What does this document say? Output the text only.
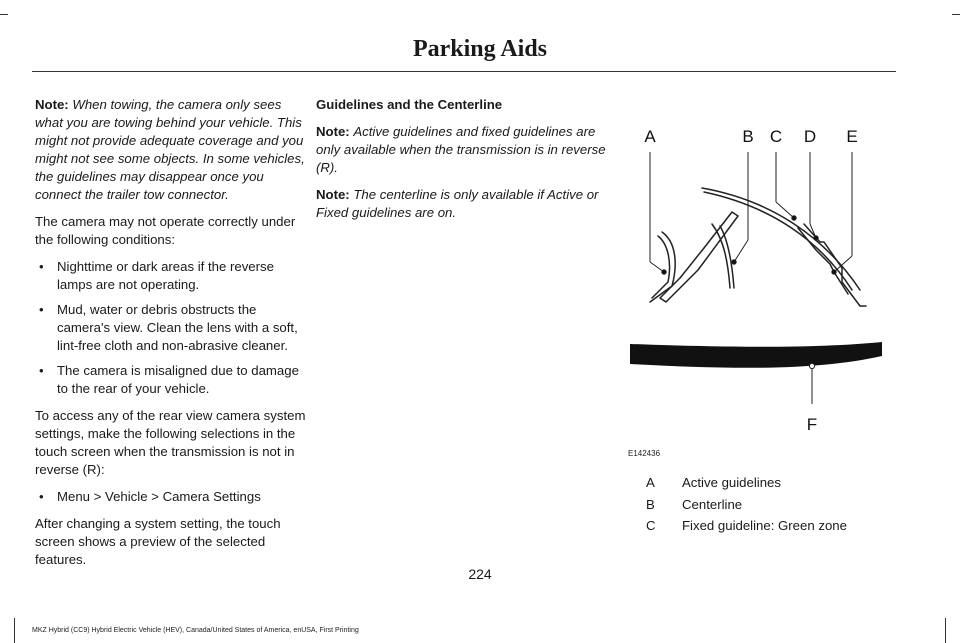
Parking Aids

Note: When towing, the camera only sees what you are towing behind your vehicle. This might not provide adequate coverage and you might not see some objects. In some vehicles, the guidelines may disappear once you connect the trailer tow connector.

The camera may not operate correctly under the following conditions:

• Nighttime or dark areas if the reverse lamps are not operating.
• Mud, water or debris obstructs the camera's view. Clean the lens with a soft, lint-free cloth and non-abrasive cleaner.
• The camera is misaligned due to damage to the rear of your vehicle.

To access any of the rear view camera system settings, make the following selections in the touch screen when the transmission is not in reverse (R):

• Menu > Vehicle > Camera Settings

After changing a system setting, the touch screen shows a preview of the selected features.

Guidelines and the Centerline

Note: Active guidelines and fixed guidelines are only available when the transmission is in reverse (R).

Note: The centerline is only available if Active or Fixed guidelines are on.

A	B C D E
F
E142436
A	Active guidelines
B	Centerline
C	Fixed guideline: Green zone
224
MKZ Hybrid (CC9) Hybrid Electric Vehicle (HEV), Canada/United States of America, enUSA, First Printing
